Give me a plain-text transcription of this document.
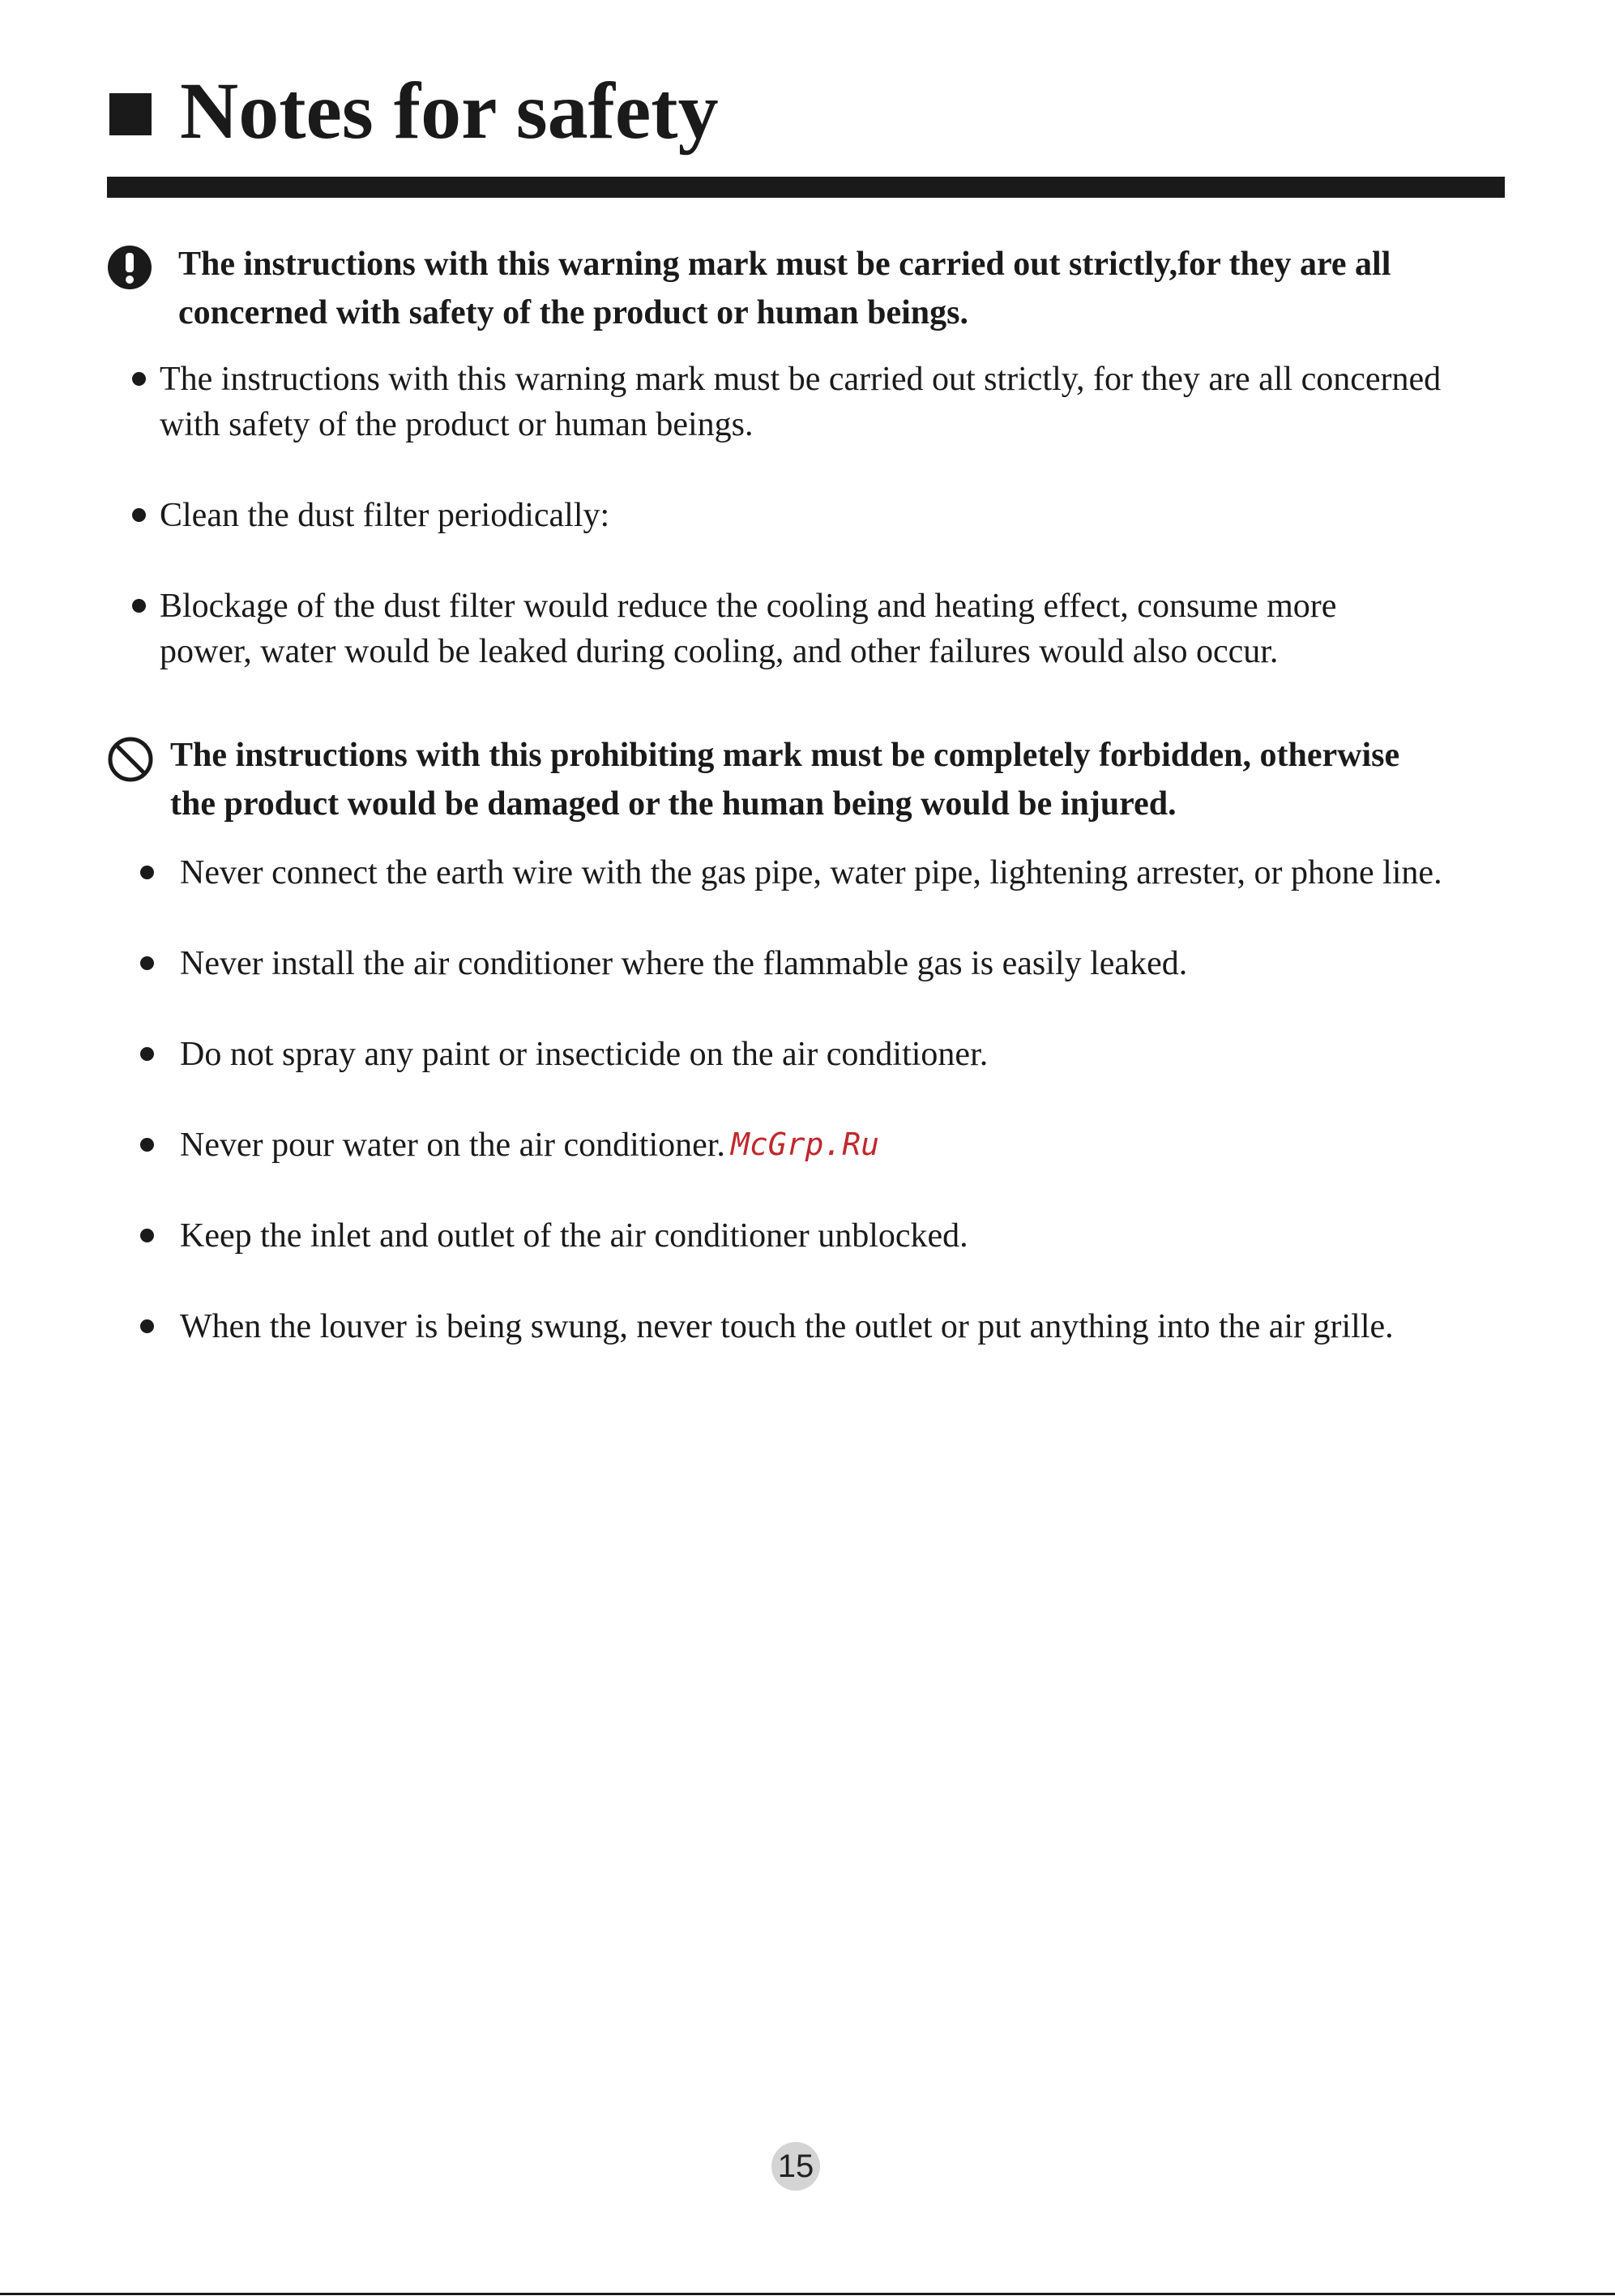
Notes for safety

The instructions with this warning mark must be carried out strictly,for they are all

concerned with safety of the product or human beings.

The instructions with this warning mark must be carried out strictly, for they are all concerned

with safety of the product or human beings.

Clean the dust filter periodically:

Blockage of the dust filter would reduce the cooling and heating effect, consume more

power, water would be leaked during cooling, and other failures would also occur.

The instructions with this prohibiting mark must be completely forbidden, otherwise

the product would be damaged or the human being would be injured.

Never connect the earth wire with the gas pipe, water pipe, lightening arrester, or phone line.

Never install the air conditioner where the flammable gas is easily leaked.

Do not spray any paint or insecticide on the air conditioner.

Never pour water on the air conditioner.

Keep the inlet and outlet of the air conditioner unblocked.

When the louver is being swung, never touch the outlet or put anything into the air grille.

McGrp.Ru
15
